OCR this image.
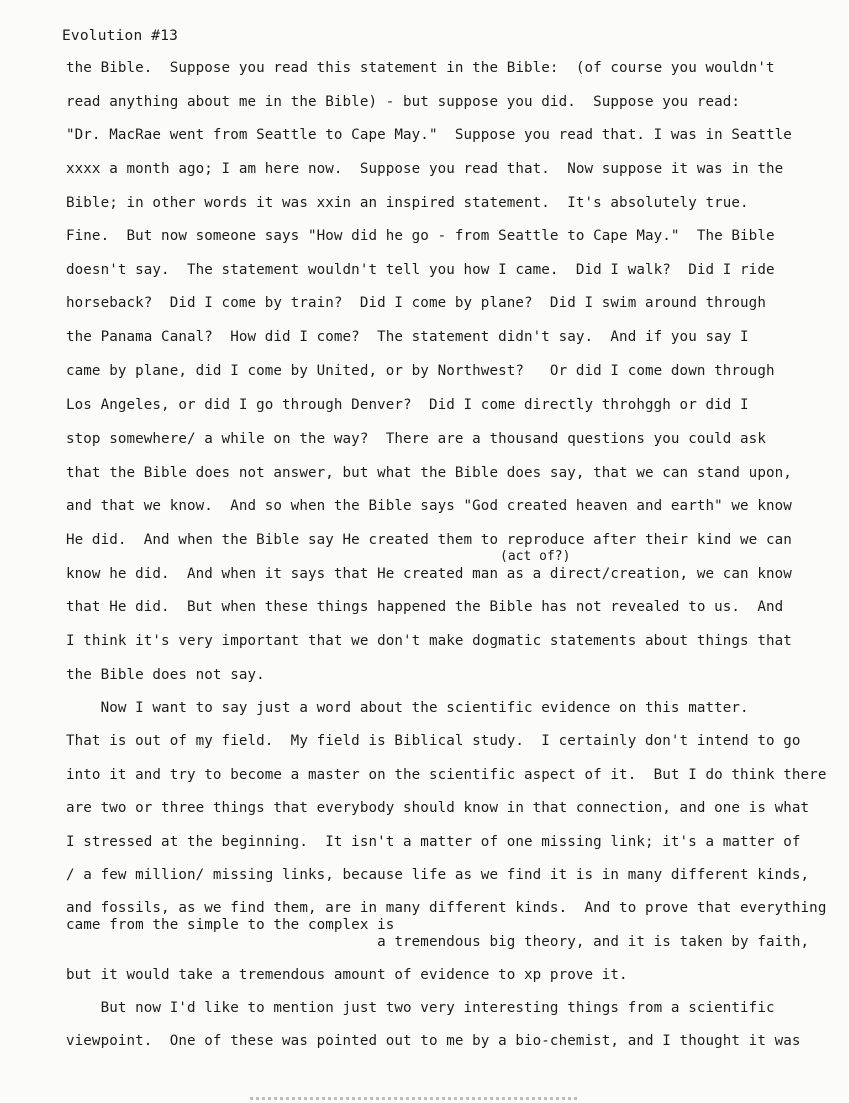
Evolution #13
the Bible.  Suppose you read this statement in the Bible:  (of course you wouldn't
read anything about me in the Bible) - but suppose you did.  Suppose you read:
"Dr. MacRae went from Seattle to Cape May."  Suppose you read that. I was in Seattle
xxxx a month ago; I am here now.  Suppose you read that.  Now suppose it was in the
Bible; in other words it was xxin an inspired statement.  It's absolutely true.
Fine.  But now someone says "How did he go - from Seattle to Cape May."  The Bible
doesn't say.  The statement wouldn't tell you how I came.  Did I walk?  Did I ride
horseback?  Did I come by train?  Did I come by plane?  Did I swim around through
the Panama Canal?  How did I come?  The statement didn't say.  And if you say I
came by plane, did I come by United, or by Northwest?   Or did I come down through
Los Angeles, or did I go through Denver?  Did I come directly throhggh or did I
stop somewhere/ a while on the way?  There are a thousand questions you could ask
that the Bible does not answer, but what the Bible does say, that we can stand upon,
and that we know.  And so when the Bible says "God created heaven and earth" we know
He did.  And when the Bible say He created them to reproduce after their kind we can
(act of?)
know he did.  And when it says that He created man as a direct/creation, we can know
that He did.  But when these things happened the Bible has not revealed to us.  And
I think it's very important that we don't make dogmatic statements about things that
the Bible does not say.
Now I want to say just a word about the scientific evidence on this matter.
That is out of my field.  My field is Biblical study.  I certainly don't intend to go
into it and try to become a master on the scientific aspect of it.  But I do think there
are two or three things that everybody should know in that connection, and one is what
I stressed at the beginning.  It isn't a matter of one missing link; it's a matter of
/ a few million/ missing links, because life as we find it is in many different kinds,
and fossils, as we find them, are in many different kinds.  And to prove that everything
came from the simple to the complex is
a tremendous big theory, and it is taken by faith,
but it would take a tremendous amount of evidence to xp prove it.
But now I'd like to mention just two very interesting things from a scientific
viewpoint.  One of these was pointed out to me by a bio-chemist, and I thought it was
